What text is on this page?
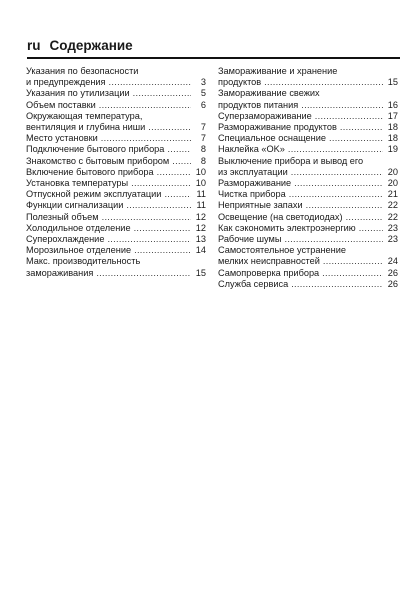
ru Содержание
Указания по безопасности
и предупреждения .....	3
Указания по утилизации .....	5
Объем поставки .....	6
Окружающая температура,
вентиляция и глубина ниши .....	7
Место установки .....	7
Подключение бытового прибора .....	8
Знакомство с бытовым прибором .....	8
Включение бытового прибора .....	10
Установка температуры .....	10
Отпускной режим эксплуатации .....	11
Функции сигнализации .....	11
Полезный объем .....	12
Холодильное отделение .....	12
Суперохлаждение .....	13
Морозильное отделение .....	14
Макс. производительность
замораживания .....	15
Замораживание и хранение
продуктов .....	15
Замораживание свежих
продуктов питания .....	16
Суперзамораживание .....	17
Размораживание продуктов .....	18
Специальное оснащение .....	18
Наклейка «OK» .....	19
Выключение прибора и вывод его
из эксплуатации .....	20
Размораживание .....	20
Чистка прибора .....	21
Неприятные запахи .....	22
Освещение (на светодиодах) .....	22
Как сэкономить электроэнергию .....	23
Рабочие шумы .....	23
Самостоятельное устранение
мелких неисправностей .....	24
Самопроверка прибора .....	26
Служба сервиса .....	26
